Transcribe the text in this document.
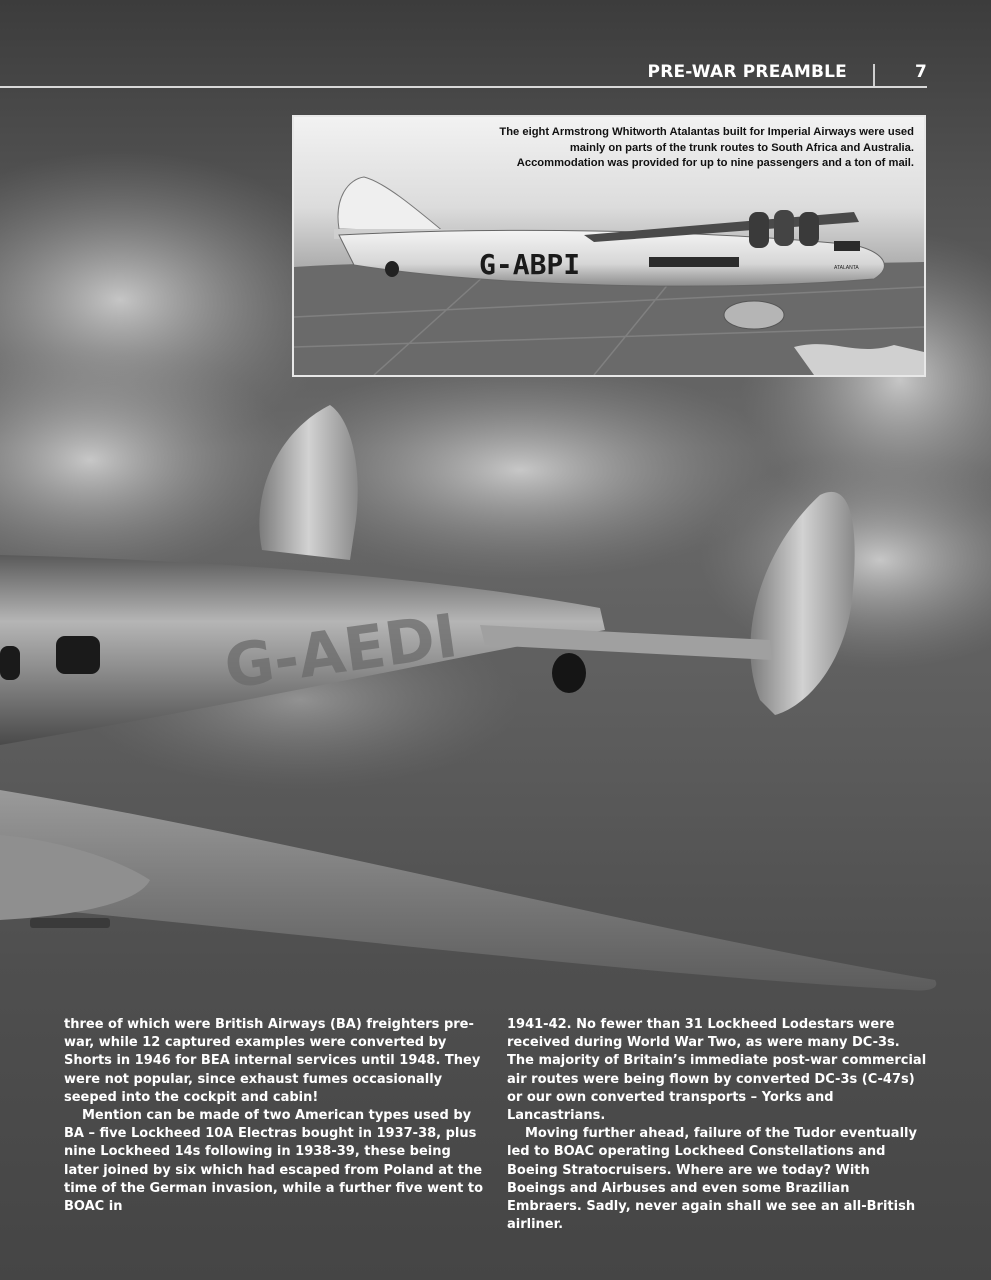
G-AEDI
PRE-WAR PREAMBLE	7
G-ABPI	ATALANTA
The eight Armstrong Whitworth Atalantas built for Imperial Airways were used mainly on parts of the trunk routes to South Africa and Australia. Accommodation was provided for up to nine passengers and a ton of mail.

three of which were British Airways (BA) freighters pre-war, while 12 captured examples were converted by Shorts in 1946 for BEA internal services until 1948. They were not popular, since exhaust fumes occasionally seeped into the cockpit and cabin!

Mention can be made of two American types used by BA – five Lockheed 10A Electras bought in 1937-38, plus nine Lockheed 14s following in 1938-39, these being later joined by six which had escaped from Poland at the time of the German invasion, while a further five went to BOAC in

1941-42. No fewer than 31 Lockheed Lodestars were received during World War Two, as were many DC-3s. The majority of Britain’s immediate post-war commercial air routes were being flown by converted DC-3s (C-47s) or our own converted transports – Yorks and Lancastrians.

Moving further ahead, failure of the Tudor eventually led to BOAC operating Lockheed Constellations and Boeing Stratocruisers. Where are we today? With Boeings and Airbuses and even some Brazilian Embraers. Sadly, never again shall we see an all-British airliner.
